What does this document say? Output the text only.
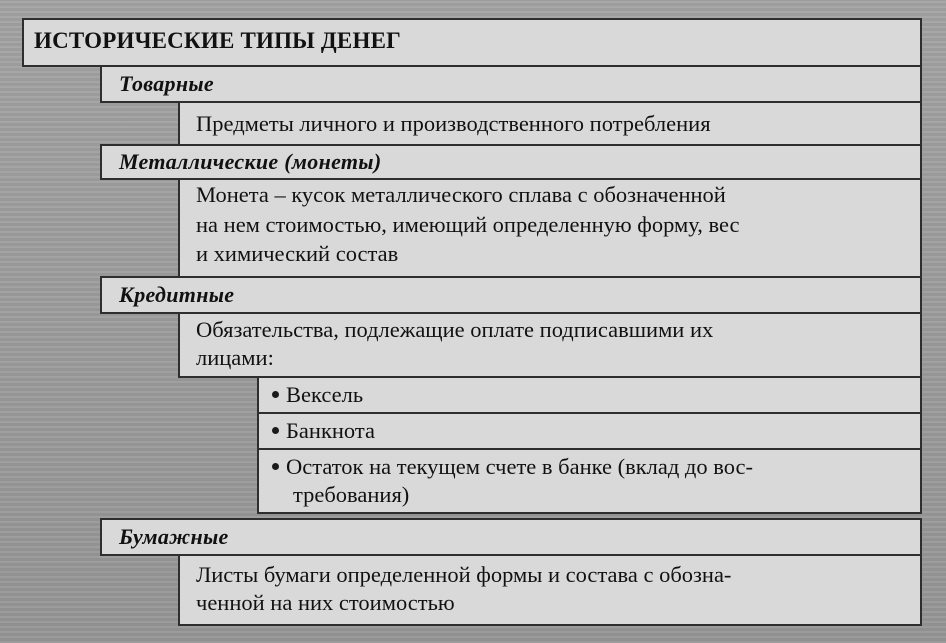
ИСТОРИЧЕСКИЕ ТИПЫ ДЕНЕГ
Товарные
Предметы личного и производственного потребления
Металлические (монеты)
Монета – кусок металлического сплава с обозначенной
на нем стоимостью, имеющий определенную форму, вес
и химический состав
Кредитные
Обязательства, подлежащие оплате подписавшими их
лицами:
Вексель
Банкнота
Остаток на текущем счете в банке (вклад до вос-
требования)
Бумажные
Листы бумаги определенной формы и состава с обозна-
ченной на них стоимостью
